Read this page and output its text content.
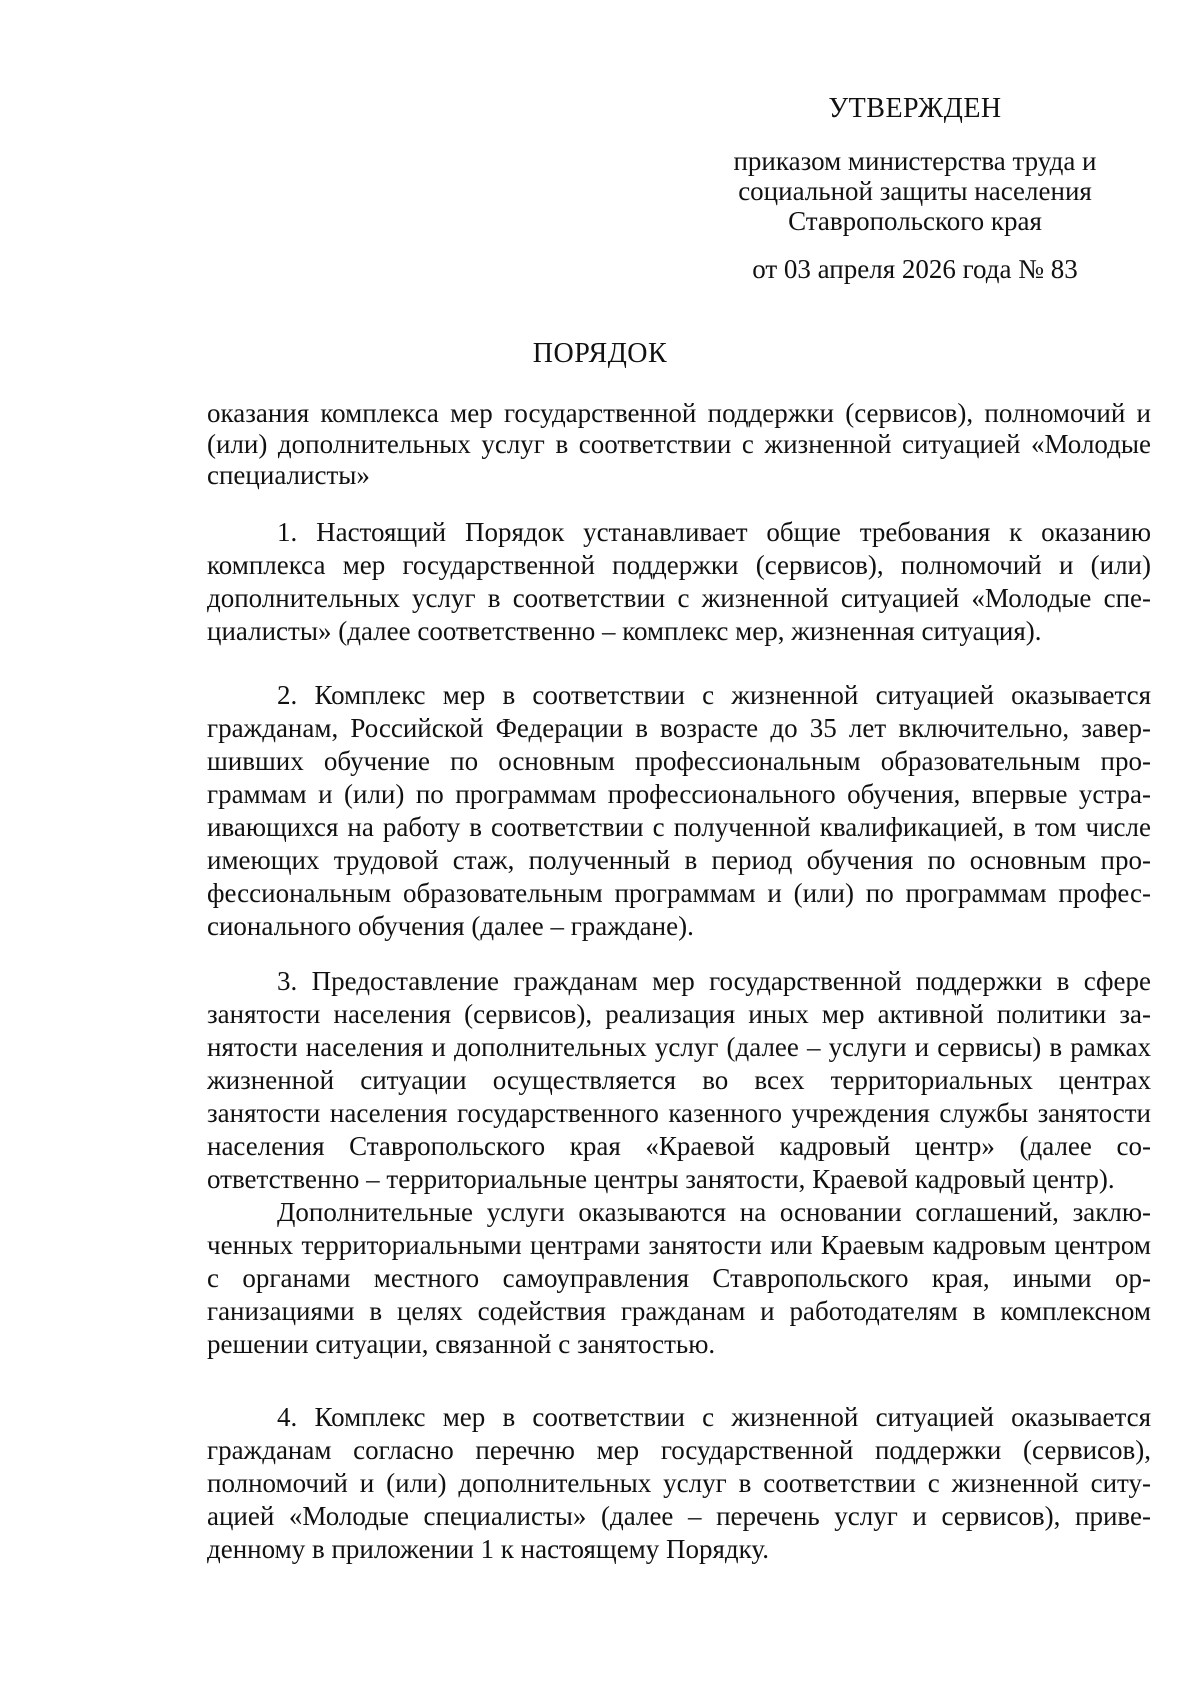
УТВЕРЖДЕН
приказом министерства труда и
социальной защиты населения
Ставропольского края
от 03 апреля 2026 года № 83
ПОРЯДОК
оказания комплекса мер государственной поддержки (сервисов), полномочий и (или) дополнительных услуг в соответствии с жизненной ситуацией «Молодые специалисты»

1. Настоящий Порядок устанавливает общие требования к оказанию комплекса мер государственной поддержки (сервисов), полномочий и (или) дополнительных услуг в соответствии с жизненной ситуацией «Молодые специалисты» (далее соответственно – комплекс мер, жизненная ситуация).

2. Комплекс мер в соответствии с жизненной ситуацией оказывается гражданам, Российской Федерации в возрасте до 35 лет включительно, завершивших обучение по основным профессиональным образовательным программам и (или) по программам профессионального обучения, впервые устраивающихся на работу в соответствии с полученной квалификацией, в том числе имеющих трудовой стаж, полученный в период обучения по основным профессиональным образовательным программам и (или) по программам профессионального обучения (далее – граждане).

3. Предоставление гражданам мер государственной поддержки в сфере занятости населения (сервисов), реализация иных мер активной политики занятости населения и дополнительных услуг (далее – услуги и сервисы) в рамках жизненной ситуации осуществляется во всех территориальных центрах занятости населения государственного казенного учреждения службы занятости населения Ставропольского края «Краевой кадровый центр» (далее соответственно – территориальные центры занятости, Краевой кадровый центр).

Дополнительные услуги оказываются на основании соглашений, заключенных территориальными центрами занятости или Краевым кадровым центром с органами местного самоуправления Ставропольского края, иными организациями в целях содействия гражданам и работодателям в комплексном решении ситуации, связанной с занятостью.

4. Комплекс мер в соответствии с жизненной ситуацией оказывается гражданам согласно перечню мер государственной поддержки (сервисов), полномочий и (или) дополнительных услуг в соответствии с жизненной ситуацией «Молодые специалисты» (далее – перечень услуг и сервисов), приведенному в приложении 1 к настоящему Порядку.
